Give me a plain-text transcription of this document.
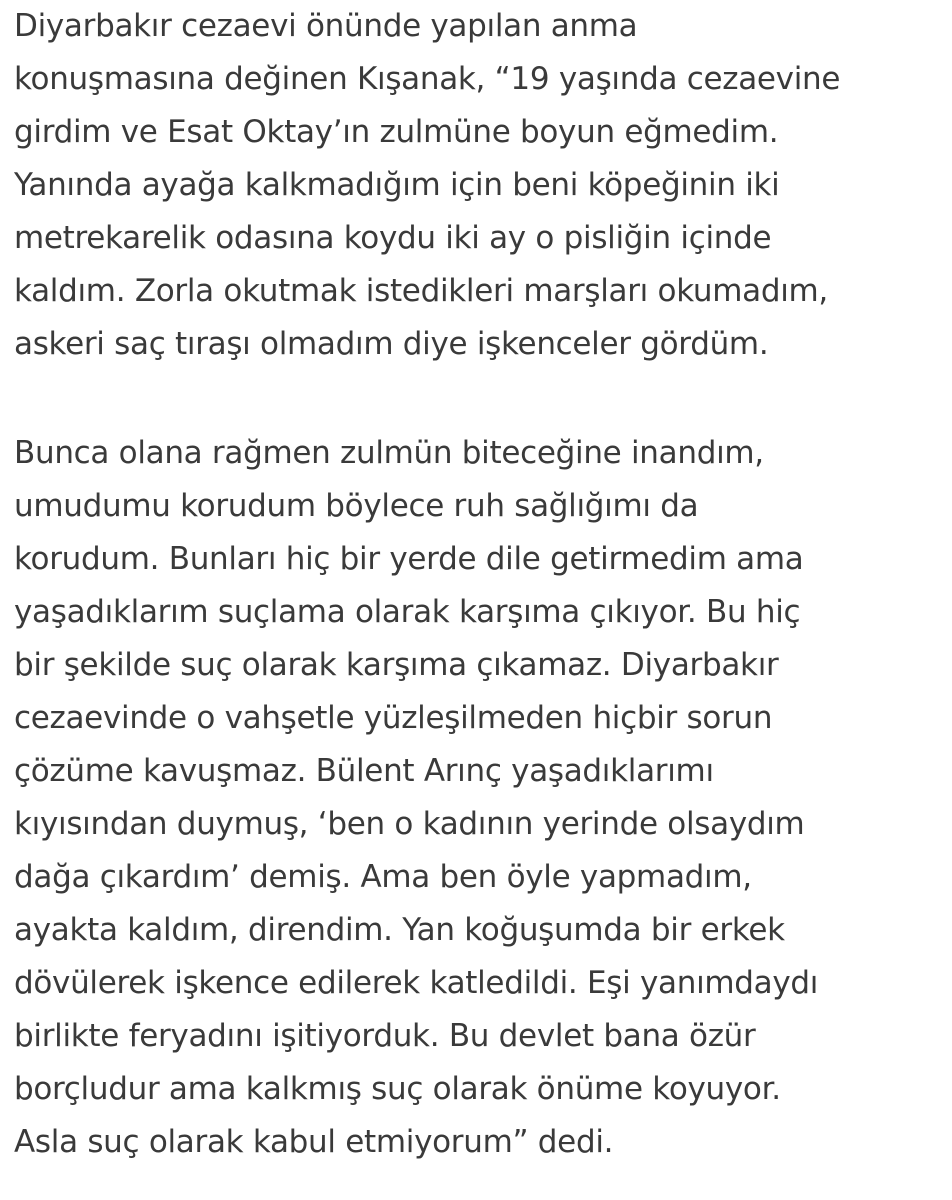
Diyarbakır cezaevi önünde yapılan anma
konuşmasına değinen Kışanak, “19 yaşında cezaevine
girdim ve Esat Oktay’ın zulmüne boyun eğmedim.
Yanında ayağa kalkmadığım için beni köpeğinin iki
metrekarelik odasına koydu iki ay o pisliğin içinde
kaldım. Zorla okutmak istedikleri marşları okumadım,
askeri saç tıraşı olmadım diye işkenceler gördüm.

Bunca olana rağmen zulmün biteceğine inandım,
umudumu korudum böylece ruh sağlığımı da
korudum. Bunları hiç bir yerde dile getirmedim ama
yaşadıklarım suçlama olarak karşıma çıkıyor. Bu hiç
bir şekilde suç olarak karşıma çıkamaz. Diyarbakır
cezaevinde o vahşetle yüzleşilmeden hiçbir sorun
çözüme kavuşmaz. Bülent Arınç yaşadıklarımı
kıyısından duymuş, ‘ben o kadının yerinde olsaydım
dağa çıkardım’ demiş. Ama ben öyle yapmadım,
ayakta kaldım, direndim. Yan koğuşumda bir erkek
dövülerek işkence edilerek katledildi. Eşi yanımdaydı
birlikte feryadını işitiyorduk. Bu devlet bana özür
borçludur ama kalkmış suç olarak önüme koyuyor.
Asla suç olarak kabul etmiyorum” dedi.
